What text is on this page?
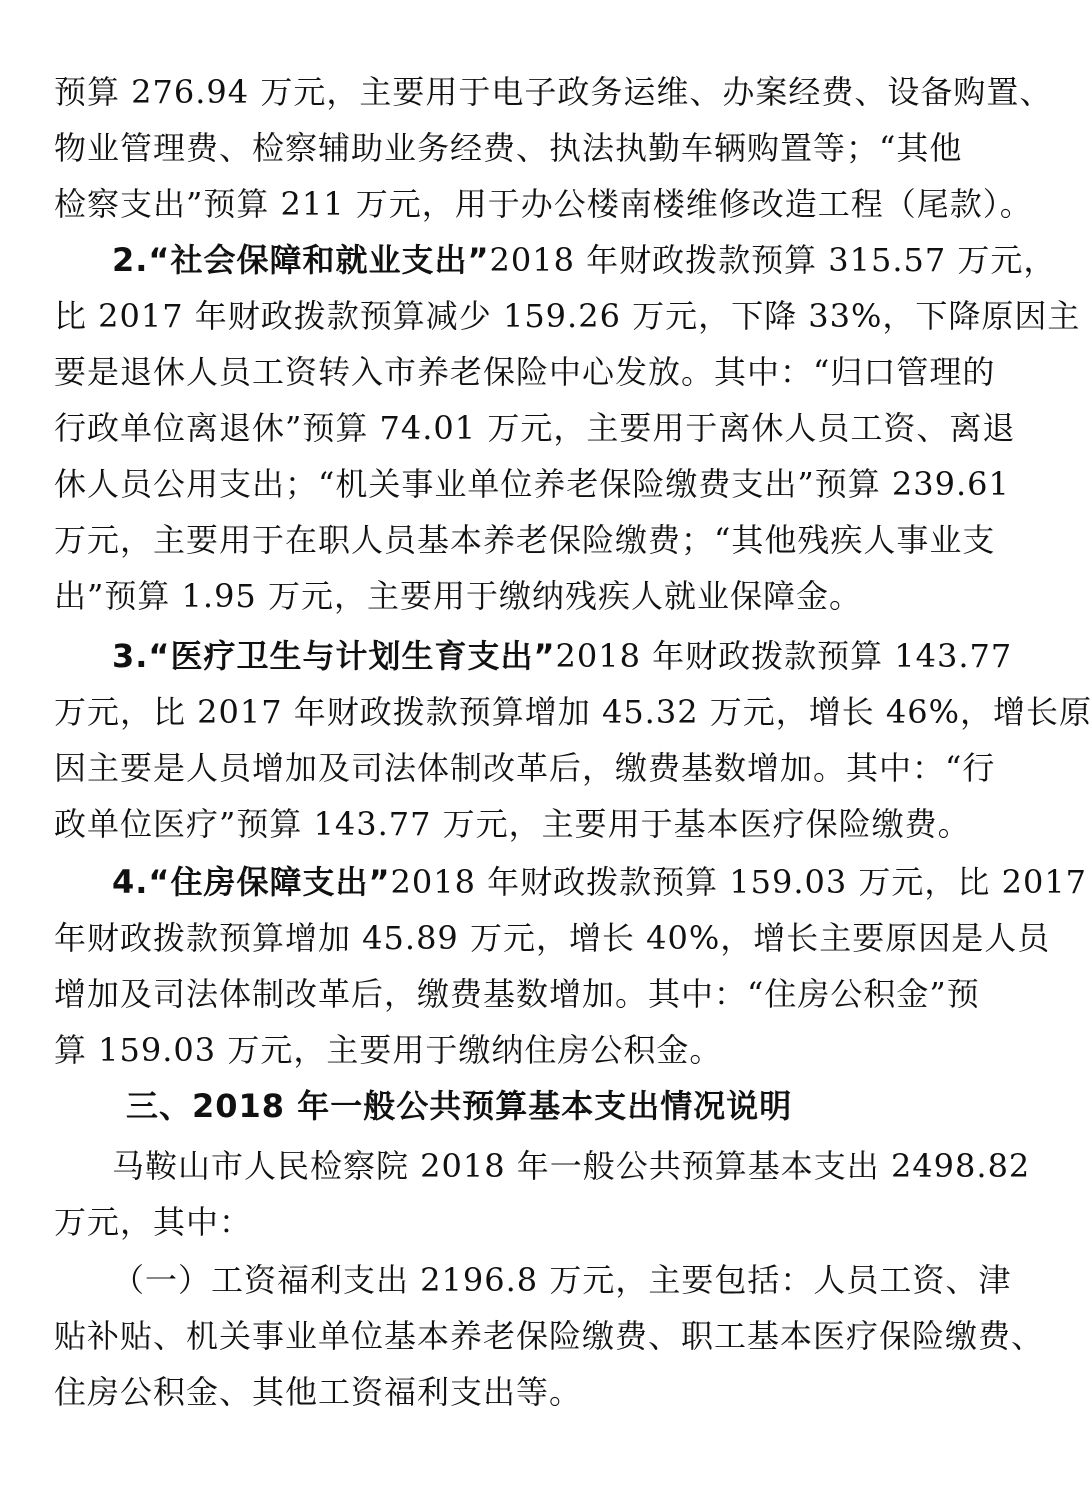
预算 276.94 万元，主要用于电子政务运维、办案经费、设备购置、
物业管理费、检察辅助业务经费、执法执勤车辆购置等；“其他
检察支出”预算 211 万元，用于办公楼南楼维修改造工程（尾款）。
2.“社会保障和就业支出”2018 年财政拨款预算 315.57 万元，
比 2017 年财政拨款预算减少 159.26 万元，下降 33%，下降原因主
要是退休人员工资转入市养老保险中心发放。其中：“归口管理的
行政单位离退休”预算 74.01 万元，主要用于离休人员工资、离退
休人员公用支出；“机关事业单位养老保险缴费支出”预算 239.61
万元，主要用于在职人员基本养老保险缴费；“其他残疾人事业支
出”预算 1.95 万元，主要用于缴纳残疾人就业保障金。
3.“医疗卫生与计划生育支出”2018 年财政拨款预算 143.77
万元，比 2017 年财政拨款预算增加 45.32 万元，增长 46%，增长原
因主要是人员增加及司法体制改革后，缴费基数增加。其中：“行
政单位医疗”预算 143.77 万元，主要用于基本医疗保险缴费。
4.“住房保障支出”2018 年财政拨款预算 159.03 万元，比 2017
年财政拨款预算增加 45.89 万元，增长 40%，增长主要原因是人员
增加及司法体制改革后，缴费基数增加。其中：“住房公积金”预
算 159.03 万元，主要用于缴纳住房公积金。
三、2018 年一般公共预算基本支出情况说明
马鞍山市人民检察院 2018 年一般公共预算基本支出 2498.82
万元，其中：
（一）工资福利支出 2196.8 万元，主要包括：人员工资、津
贴补贴、机关事业单位基本养老保险缴费、职工基本医疗保险缴费、
住房公积金、其他工资福利支出等。
